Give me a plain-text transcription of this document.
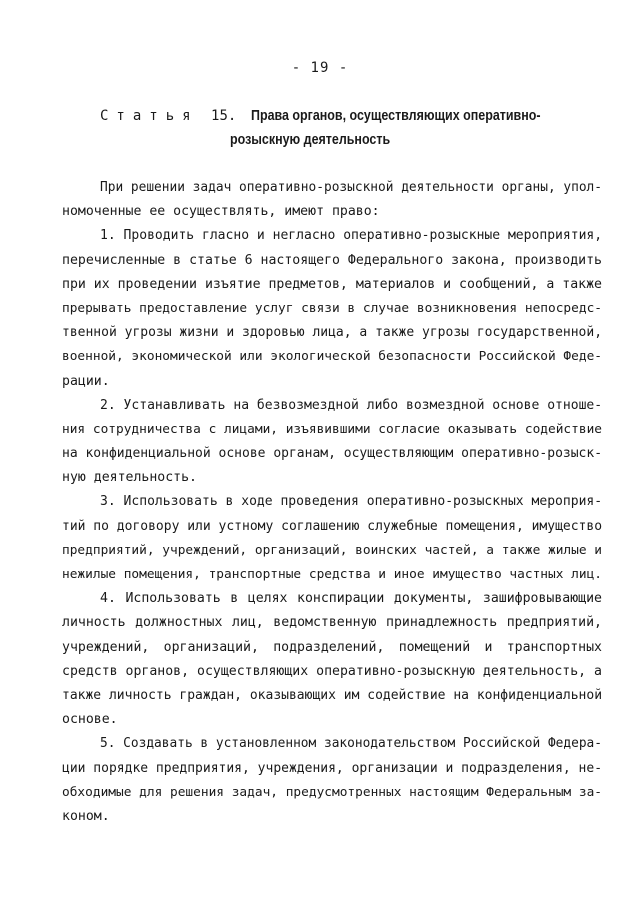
- 19 -
Статья 15. Права органов, осуществляющих оперативно-
розыскную деятельность
При решении задач оперативно-розыскной деятельности органы, упол-
номоченные ее осуществлять, имеют право:
1. Проводить гласно и негласно оперативно-розыскные мероприятия,
перечисленные в статье 6 настоящего Федерального закона, производить
при их проведении изъятие предметов, материалов и сообщений, а также
прерывать предоставление услуг связи в случае возникновения непосредс-
твенной угрозы жизни и здоровью лица, а также угрозы государственной,
военной, экономической или экологической безопасности Российской Феде-
рации.
2. Устанавливать на безвозмездной либо возмездной основе отноше-
ния сотрудничества с лицами, изъявившими согласие оказывать содействие
на конфиденциальной основе органам, осуществляющим оперативно-розыск-
ную деятельность.
3. Использовать в ходе проведения оперативно-розыскных мероприя-
тий по договору или устному соглашению служебные помещения, имущество
предприятий, учреждений, организаций, воинских частей, а также жилые и
нежилые помещения, транспортные средства и иное имущество частных лиц.
4. Использовать в целях конспирации документы, зашифровывающие
личность должностных лиц, ведомственную принадлежность предприятий,
учреждений, организаций, подразделений, помещений и транспортных
средств органов, осуществляющих оперативно-розыскную деятельность, а
также личность граждан, оказывающих им содействие на конфиденциальной
основе.
5. Создавать в установленном законодательством Российской Федера-
ции порядке предприятия, учреждения, организации и подразделения, не-
обходимые для решения задач, предусмотренных настоящим Федеральным за-
коном.
